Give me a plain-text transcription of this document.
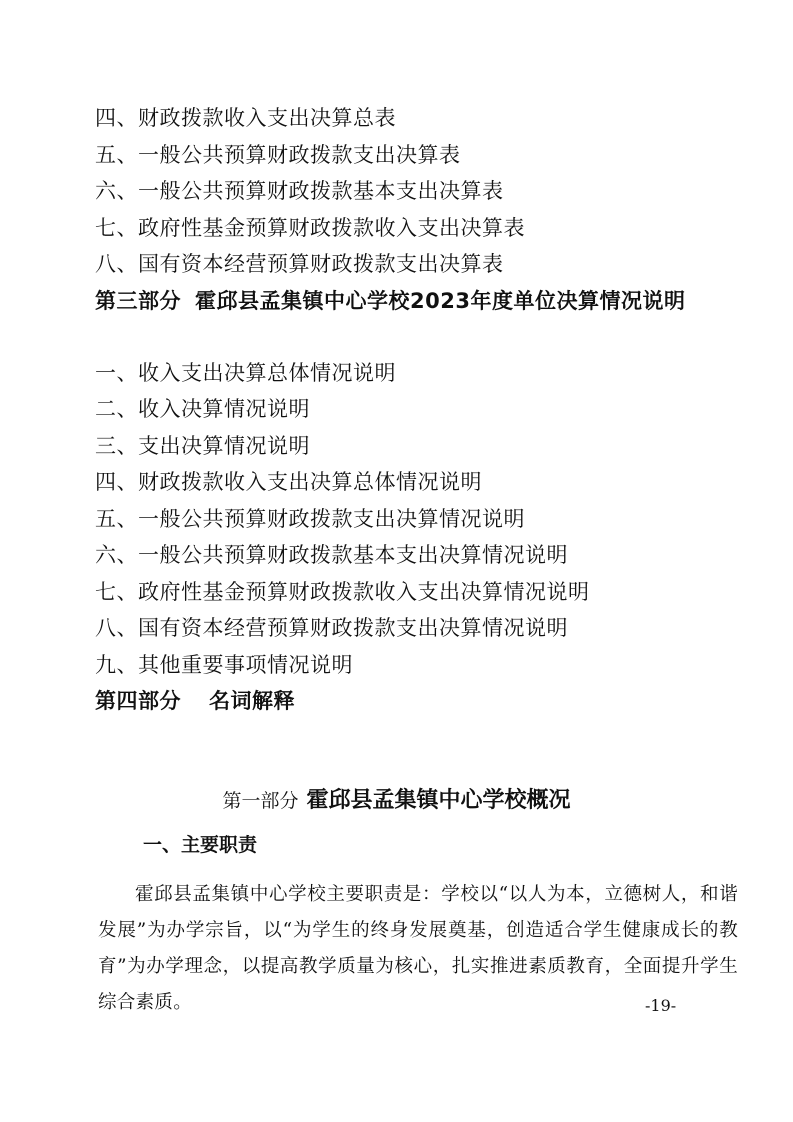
四、财政拨款收入支出决算总表
五、一般公共预算财政拨款支出决算表
六、一般公共预算财政拨款基本支出决算表
七、政府性基金预算财政拨款收入支出决算表
八、国有资本经营预算财政拨款支出决算表
第三部分 霍邱县孟集镇中心学校2023年度单位决算情况说明
一、收入支出决算总体情况说明
二、收入决算情况说明
三、支出决算情况说明
四、财政拨款收入支出决算总体情况说明
五、一般公共预算财政拨款支出决算情况说明
六、一般公共预算财政拨款基本支出决算情况说明
七、政府性基金预算财政拨款收入支出决算情况说明
八、国有资本经营预算财政拨款支出决算情况说明
九、其他重要事项情况说明
第四部分 名词解释
第一部分 霍邱县孟集镇中心学校概况
一、主要职责

霍邱县孟集镇中心学校主要职责是：学校以“以人为本，立德树人，和谐发展”为办学宗旨，以“为学生的终身发展奠基，创造适合学生健康成长的教育”为办学理念，以提高教学质量为核心，扎实推进素质教育，全面提升学生综合素质。	-19-
